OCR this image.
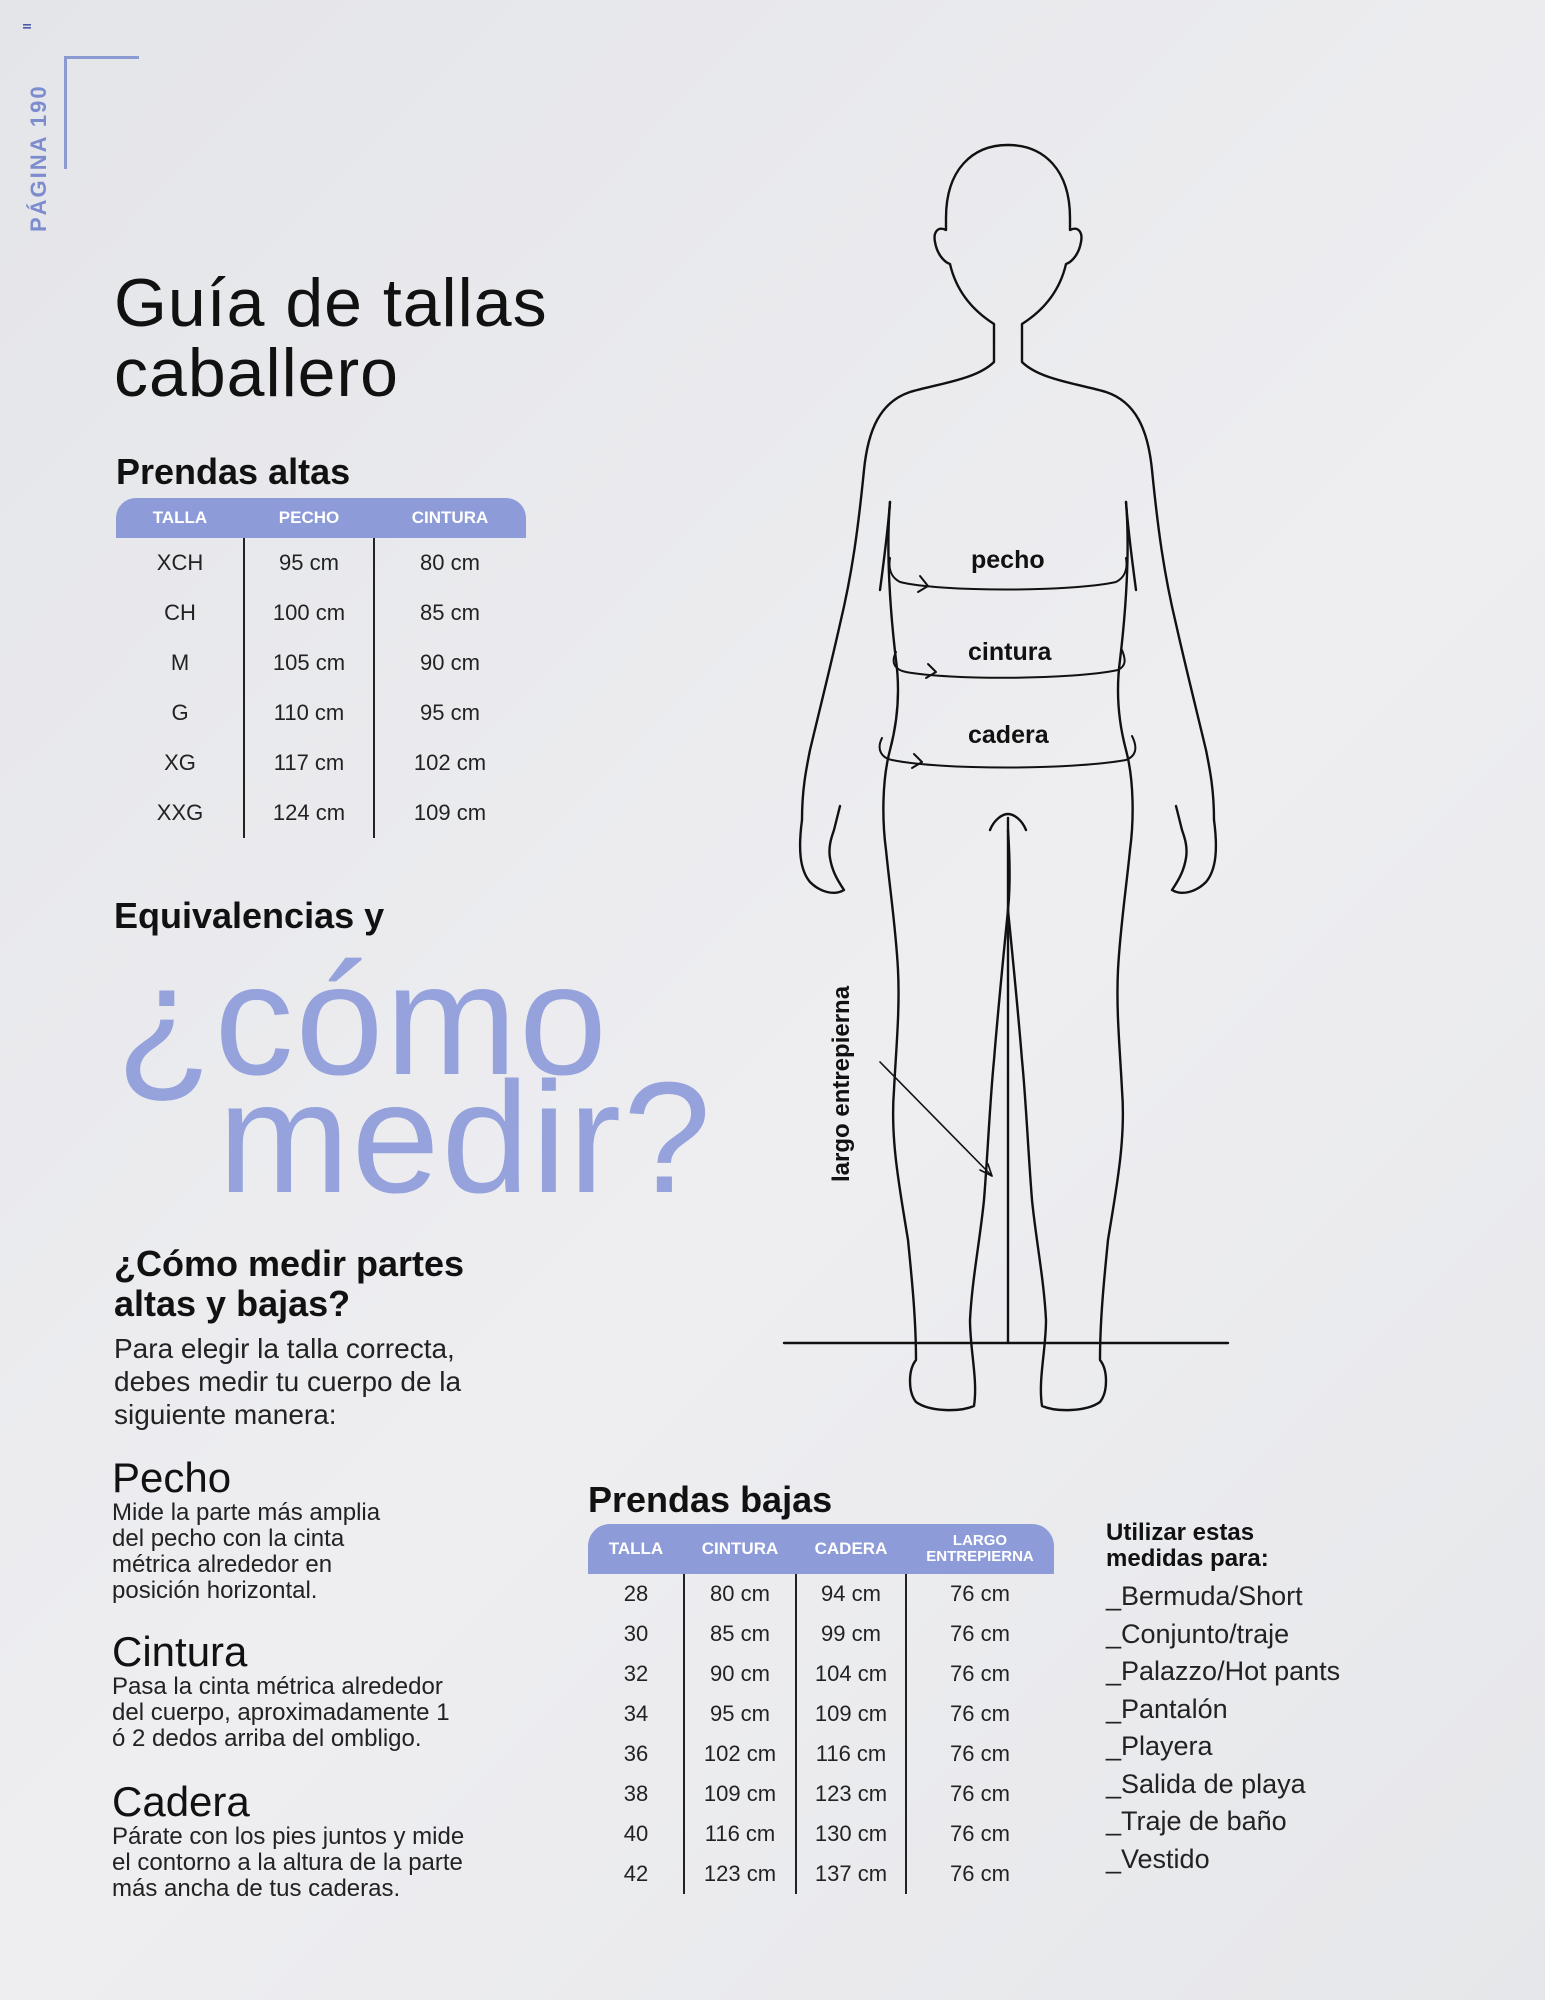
PÁGINA 190
Guía de tallas
caballero
Prendas altas
TALLA	PECHO	CINTURA
XCH	95 cm	80 cm
CH	100 cm	85 cm
M	105 cm	90 cm
G	110 cm	95 cm
XG	117 cm	102 cm
XXG	124 cm	109 cm
Equivalencias y
¿cómo
medir?
¿Cómo medir partes
altas y bajas?
Para elegir la talla correcta,
debes medir tu cuerpo de la
siguiente manera:
Pecho
Mide la parte más amplia
del pecho con la cinta
métrica alrededor en
posición horizontal.
Cintura
Pasa la cinta métrica alrededor
del cuerpo, aproximadamente 1
ó 2 dedos arriba del ombligo.
Cadera
Párate con los pies juntos y mide
el contorno a la altura de la parte
más ancha de tus caderas.
pecho
cintura
cadera
largo entrepierna
Prendas bajas
TALLA	CINTURA	CADERA	LARGO
ENTREPIERNA
28	80 cm	94 cm	76 cm
30	85 cm	99 cm	76 cm
32	90 cm	104 cm	76 cm
34	95 cm	109 cm	76 cm
36	102 cm	116 cm	76 cm
38	109 cm	123 cm	76 cm
40	116 cm	130 cm	76 cm
42	123 cm	137 cm	76 cm
Utilizar estas
medidas para:
_Bermuda/Short
_Conjunto/traje
_Palazzo/Hot pants
_Pantalón
_Playera
_Salida de playa
_Traje de baño
_Vestido
